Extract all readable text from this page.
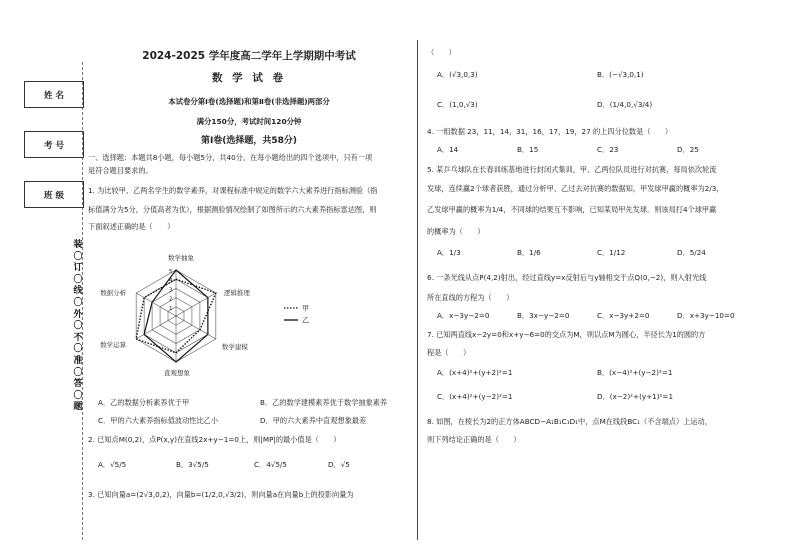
姓 名

考 号

班 级
装
〇
订
〇
线
〇
外
〇
不
〇
准
〇
答
〇
题
2024-2025 学年度高二学年上学期期中考试
数 学 试 卷
本试卷分第Ⅰ卷(选择题)和第Ⅱ卷(非选择题)两部分
满分150分，考试时间120分钟
第Ⅰ卷(选择题，共58分)
一、选择题：本题共8小题，每小题5分，共40分。在每小题给出的四个选项中，只有一项
是符合题目要求的。
1. 为比较甲、乙两名学生的数学素养，对课程标准中规定的数学六大素养进行指标测验（指
标值满分为5分，分值高者为优），根据测验情况绘制了如图所示的六大素养指标雷达图，则
下面叙述正确的是（　　）
5
4
3
2
1
数学抽象
逻辑推理
数学建模
直观想象
数学运算
数据分析
甲
乙
A．乙的数据分析素养优于甲	B．乙的数学建模素养优于数学抽象素养
C．甲的六大素养指标值波动性比乙小	D．甲的六大素养中直观想象最差
2. 已知点M(0,2)，点P(x,y)在直线2x+y−1=0上，则|MP|的最小值是（　　）
A．√5/5	B．3√5/5	C．4√5/5	D．√5
3. 已知向量a=(2√3,0,2)，向量b=(1/2,0,√3/2)，则向量a在向量b上的投影向量为
（　　）
A．(√3,0,3)	B．(−√3,0,1)
C．(1,0,√3)	D．(1/4,0,√3/4)
4. 一组数据 23，11，14，31，16，17，19，27 的上四分位数是（　　）
A．14	B．15	C．23	D．25
5. 某乒乓球队在长春训练基地进行封闭式集训，甲、乙两位队员进行对抗赛，每局依次轮流
发球，连续赢2个球者获胜，通过分析甲、乙过去对抗赛的数据知，甲发球甲赢的概率为2/3，
乙发球甲赢的概率为1/4，不同球的结果互不影响，已知某局甲先发球．则该局打4个球甲赢
的概率为（　　）
A．1/3	B．1/6	C．1/12	D．5/24
6. 一条光线从点P(4,2)射出，经过直线y=x反射后与y轴相交于点Q(0,−2)，则入射光线
所在直线的方程为（　　）
A．x−3y−2=0	B．3x−y−2=0	C．x−3y+2=0	D．x+3y−10=0
7. 已知两直线x−2y=0和x+y−6=0的交点为M，则以点M为圆心，半径长为1的圆的方
程是（　　）
A．(x+4)²+(y+2)²=1	B．(x−4)²+(y−2)²=1
C．(x+4)²+(y−2)²=1	D．(x−2)²+(y+1)²=1
8. 如图，在棱长为2的正方体ABCD−A₁B₁C₁D₁中，点M在线段BC₁（不含端点）上运动，
则下列结论正确的是（　　）
